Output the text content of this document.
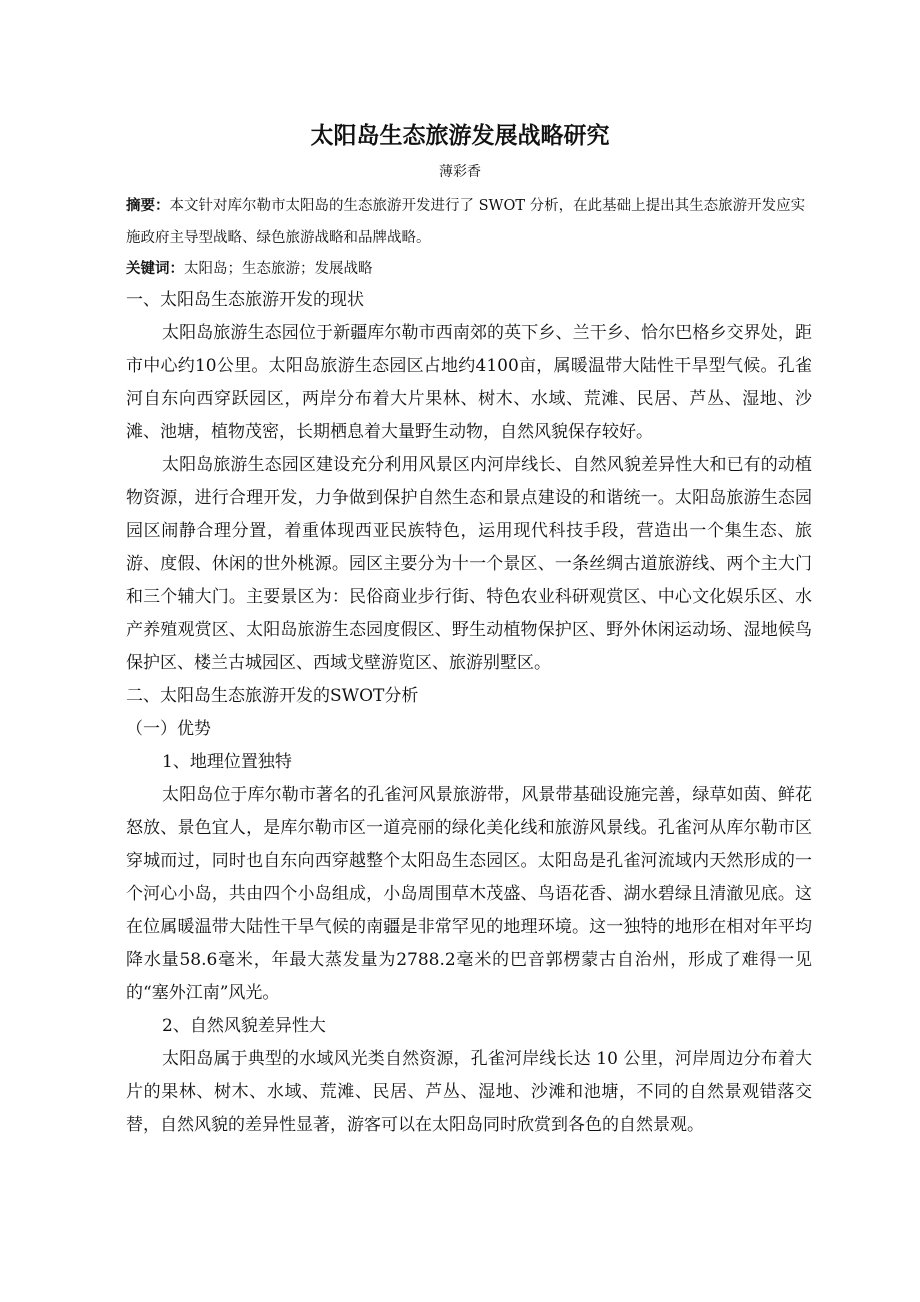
太阳岛生态旅游发展战略研究
薄彩香

摘要：本文针对库尔勒市太阳岛的生态旅游开发进行了 SWOT 分析，在此基础上提出其生态旅游开发应实施政府主导型战略、绿色旅游战略和品牌战略。

关键词：太阳岛；生态旅游；发展战略

一、太阳岛生态旅游开发的现状

太阳岛旅游生态园位于新疆库尔勒市西南郊的英下乡、兰干乡、恰尔巴格乡交界处，距市中心约10公里。太阳岛旅游生态园区占地约4100亩，属暖温带大陆性干旱型气候。孔雀河自东向西穿跃园区，两岸分布着大片果林、树木、水域、荒滩、民居、芦丛、湿地、沙滩、池塘，植物茂密，长期栖息着大量野生动物，自然风貌保存较好。

太阳岛旅游生态园区建设充分利用风景区内河岸线长、自然风貌差异性大和已有的动植物资源，进行合理开发，力争做到保护自然生态和景点建设的和谐统一。太阳岛旅游生态园园区闹静合理分置，着重体现西亚民族特色，运用现代科技手段，营造出一个集生态、旅游、度假、休闲的世外桃源。园区主要分为十一个景区、一条丝绸古道旅游线、两个主大门和三个辅大门。主要景区为：民俗商业步行街、特色农业科研观赏区、中心文化娱乐区、水产养殖观赏区、太阳岛旅游生态园度假区、野生动植物保护区、野外休闲运动场、湿地候鸟保护区、楼兰古城园区、西域戈壁游览区、旅游别墅区。

二、太阳岛生态旅游开发的SWOT分析

（一）优势

1、地理位置独特

太阳岛位于库尔勒市著名的孔雀河风景旅游带，风景带基础设施完善，绿草如茵、鲜花怒放、景色宜人，是库尔勒市区一道亮丽的绿化美化线和旅游风景线。孔雀河从库尔勒市区穿城而过，同时也自东向西穿越整个太阳岛生态园区。太阳岛是孔雀河流域内天然形成的一个河心小岛，共由四个小岛组成，小岛周围草木茂盛、鸟语花香、湖水碧绿且清澈见底。这在位属暖温带大陆性干旱气候的南疆是非常罕见的地理环境。这一独特的地形在相对年平均降水量58.6毫米，年最大蒸发量为2788.2毫米的巴音郭楞蒙古自治州，形成了难得一见的“塞外江南”风光。

2、自然风貌差异性大

太阳岛属于典型的水域风光类自然资源，孔雀河岸线长达 10 公里，河岸周边分布着大片的果林、树木、水域、荒滩、民居、芦丛、湿地、沙滩和池塘，不同的自然景观错落交替，自然风貌的差异性显著，游客可以在太阳岛同时欣赏到各色的自然景观。
